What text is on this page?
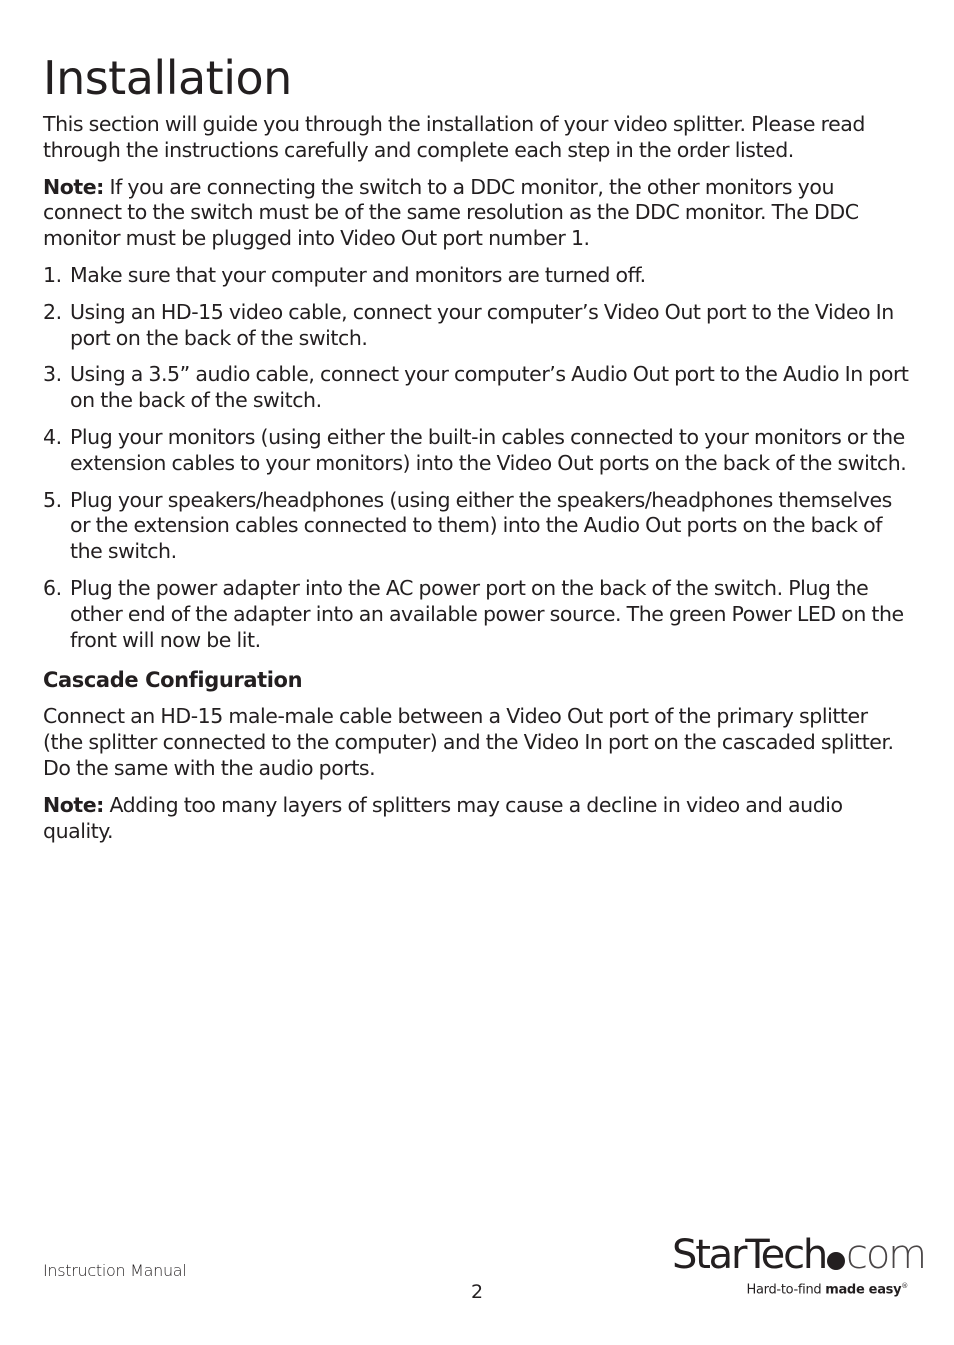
Installation

This section will guide you through the installation of your video splitter. Please read through the instructions carefully and complete each step in the order listed.

Note: If you are connecting the switch to a DDC monitor, the other monitors you connect to the switch must be of the same resolution as the DDC monitor. The DDC monitor must be plugged into Video Out port number 1.

1. Make sure that your computer and monitors are turned off.
2. Using an HD-15 video cable, connect your computer’s Video Out port to the Video In port on the back of the switch.
3. Using a 3.5” audio cable, connect your computer’s Audio Out port to the Audio In port on the back of the switch.
4. Plug your monitors (using either the built-in cables connected to your monitors or the extension cables to your monitors) into the Video Out ports on the back of the switch.
5. Plug your speakers/headphones (using either the speakers/headphones themselves or the extension cables connected to them) into the Audio Out ports on the back of the switch.
6. Plug the power adapter into the AC power port on the back of the switch. Plug the other end of the adapter into an available power source. The green Power LED on the front will now be lit.
Cascade Configuration

Connect an HD-15 male-male cable between a Video Out port of the primary splitter (the splitter connected to the computer) and the Video In port on the cascaded splitter. Do the same with the audio ports.

Note: Adding too many layers of splitters may cause a decline in video and audio quality.

Instruction Manual
2
StarTech com
Hard-to-find made easy®
